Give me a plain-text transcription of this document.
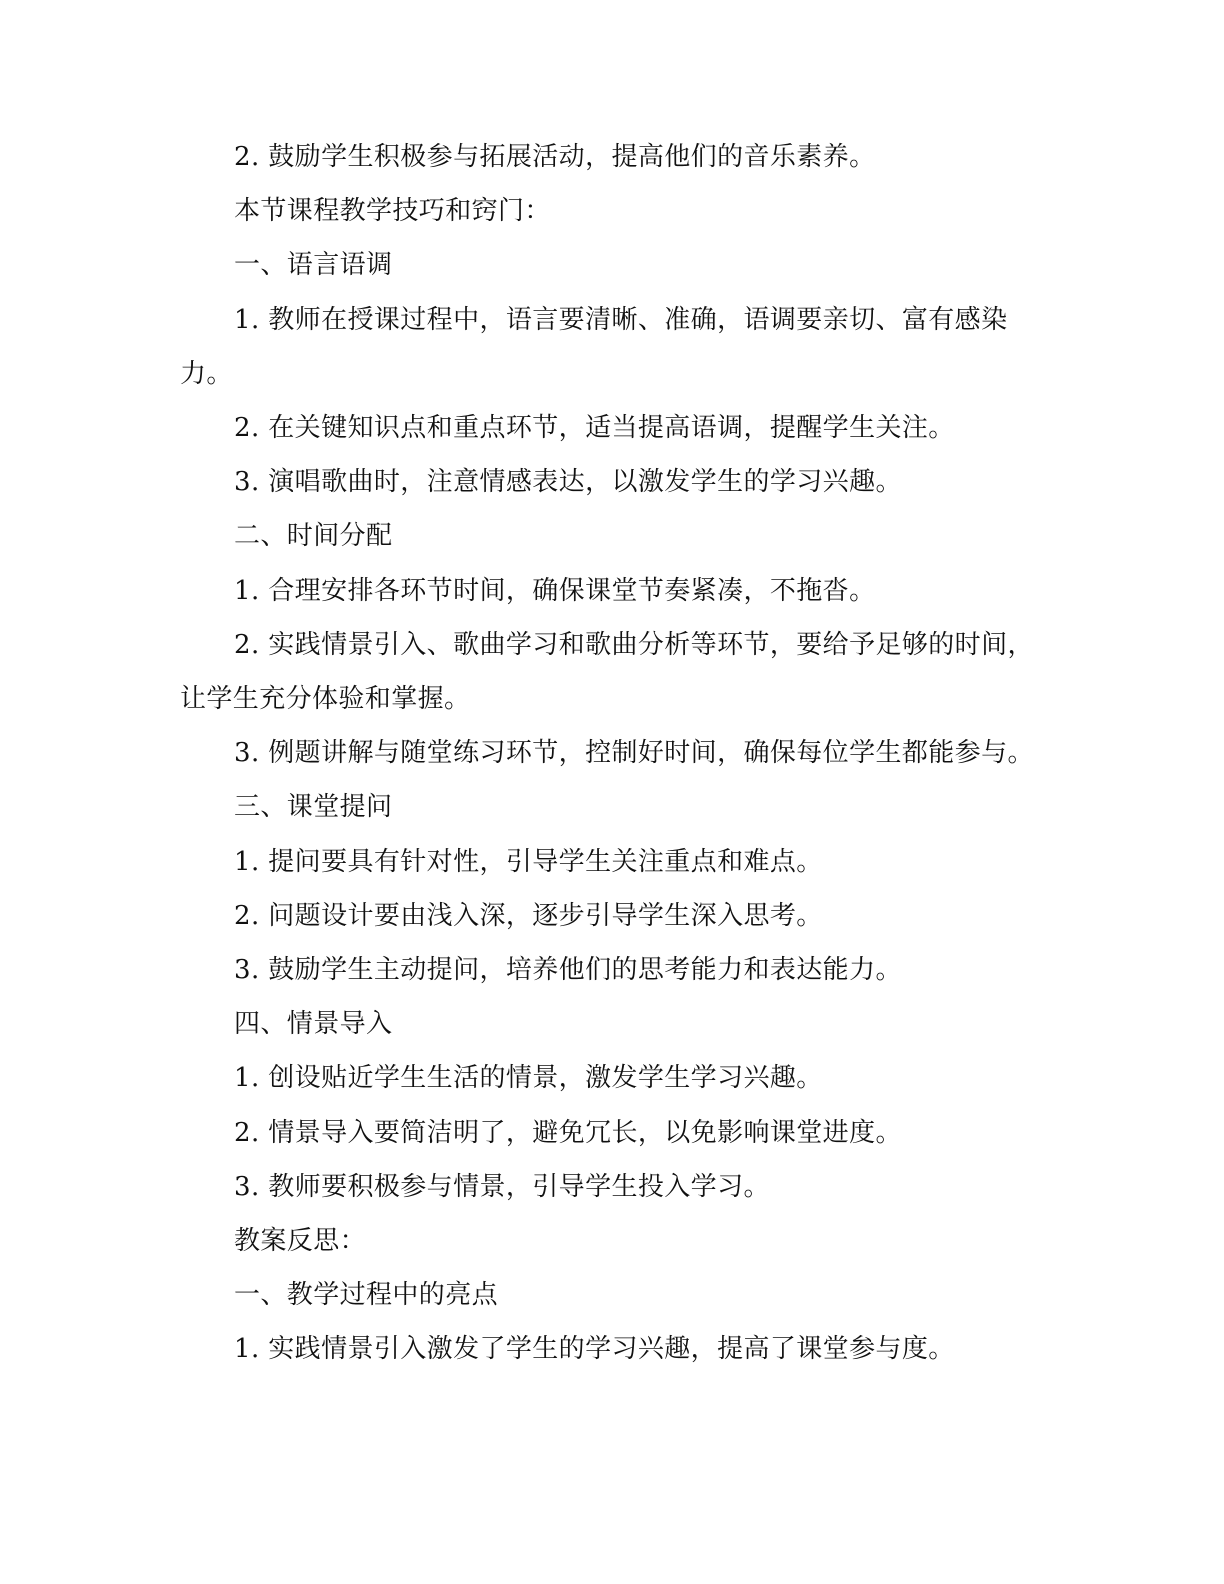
2. 鼓励学生积极参与拓展活动，提高他们的音乐素养。

本节课程教学技巧和窍门：

一、语言语调

1. 教师在授课过程中，语言要清晰、准确，语调要亲切、富有感染力。

2. 在关键知识点和重点环节，适当提高语调，提醒学生关注。

3. 演唱歌曲时，注意情感表达，以激发学生的学习兴趣。

二、时间分配

1. 合理安排各环节时间，确保课堂节奏紧凑，不拖沓。

2. 实践情景引入、歌曲学习和歌曲分析等环节，要给予足够的时间，让学生充分体验和掌握。

3. 例题讲解与随堂练习环节，控制好时间，确保每位学生都能参与。

三、课堂提问

1. 提问要具有针对性，引导学生关注重点和难点。

2. 问题设计要由浅入深，逐步引导学生深入思考。

3. 鼓励学生主动提问，培养他们的思考能力和表达能力。

四、情景导入

1. 创设贴近学生生活的情景，激发学生学习兴趣。

2. 情景导入要简洁明了，避免冗长，以免影响课堂进度。

3. 教师要积极参与情景，引导学生投入学习。

教案反思：

一、教学过程中的亮点

1. 实践情景引入激发了学生的学习兴趣，提高了课堂参与度。
